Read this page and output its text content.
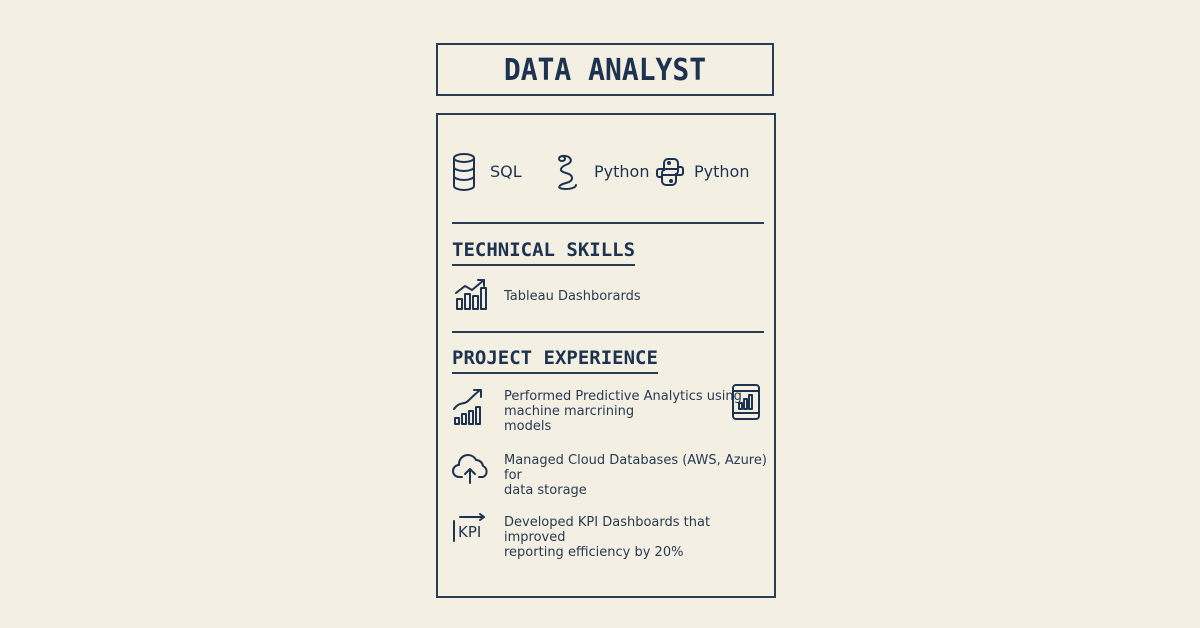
DATA ANALYST
SQL	Python	Python
TECHNICAL SKILLS
Tableau Dashborards
PROJECT EXPERIENCE
Performed Predictive Analytics using
machine marcrining
models
Managed Cloud Databases (AWS, Azure) for
data storage
KPI
Developed KPI Dashboards that improved
reporting efficiency by 20%
